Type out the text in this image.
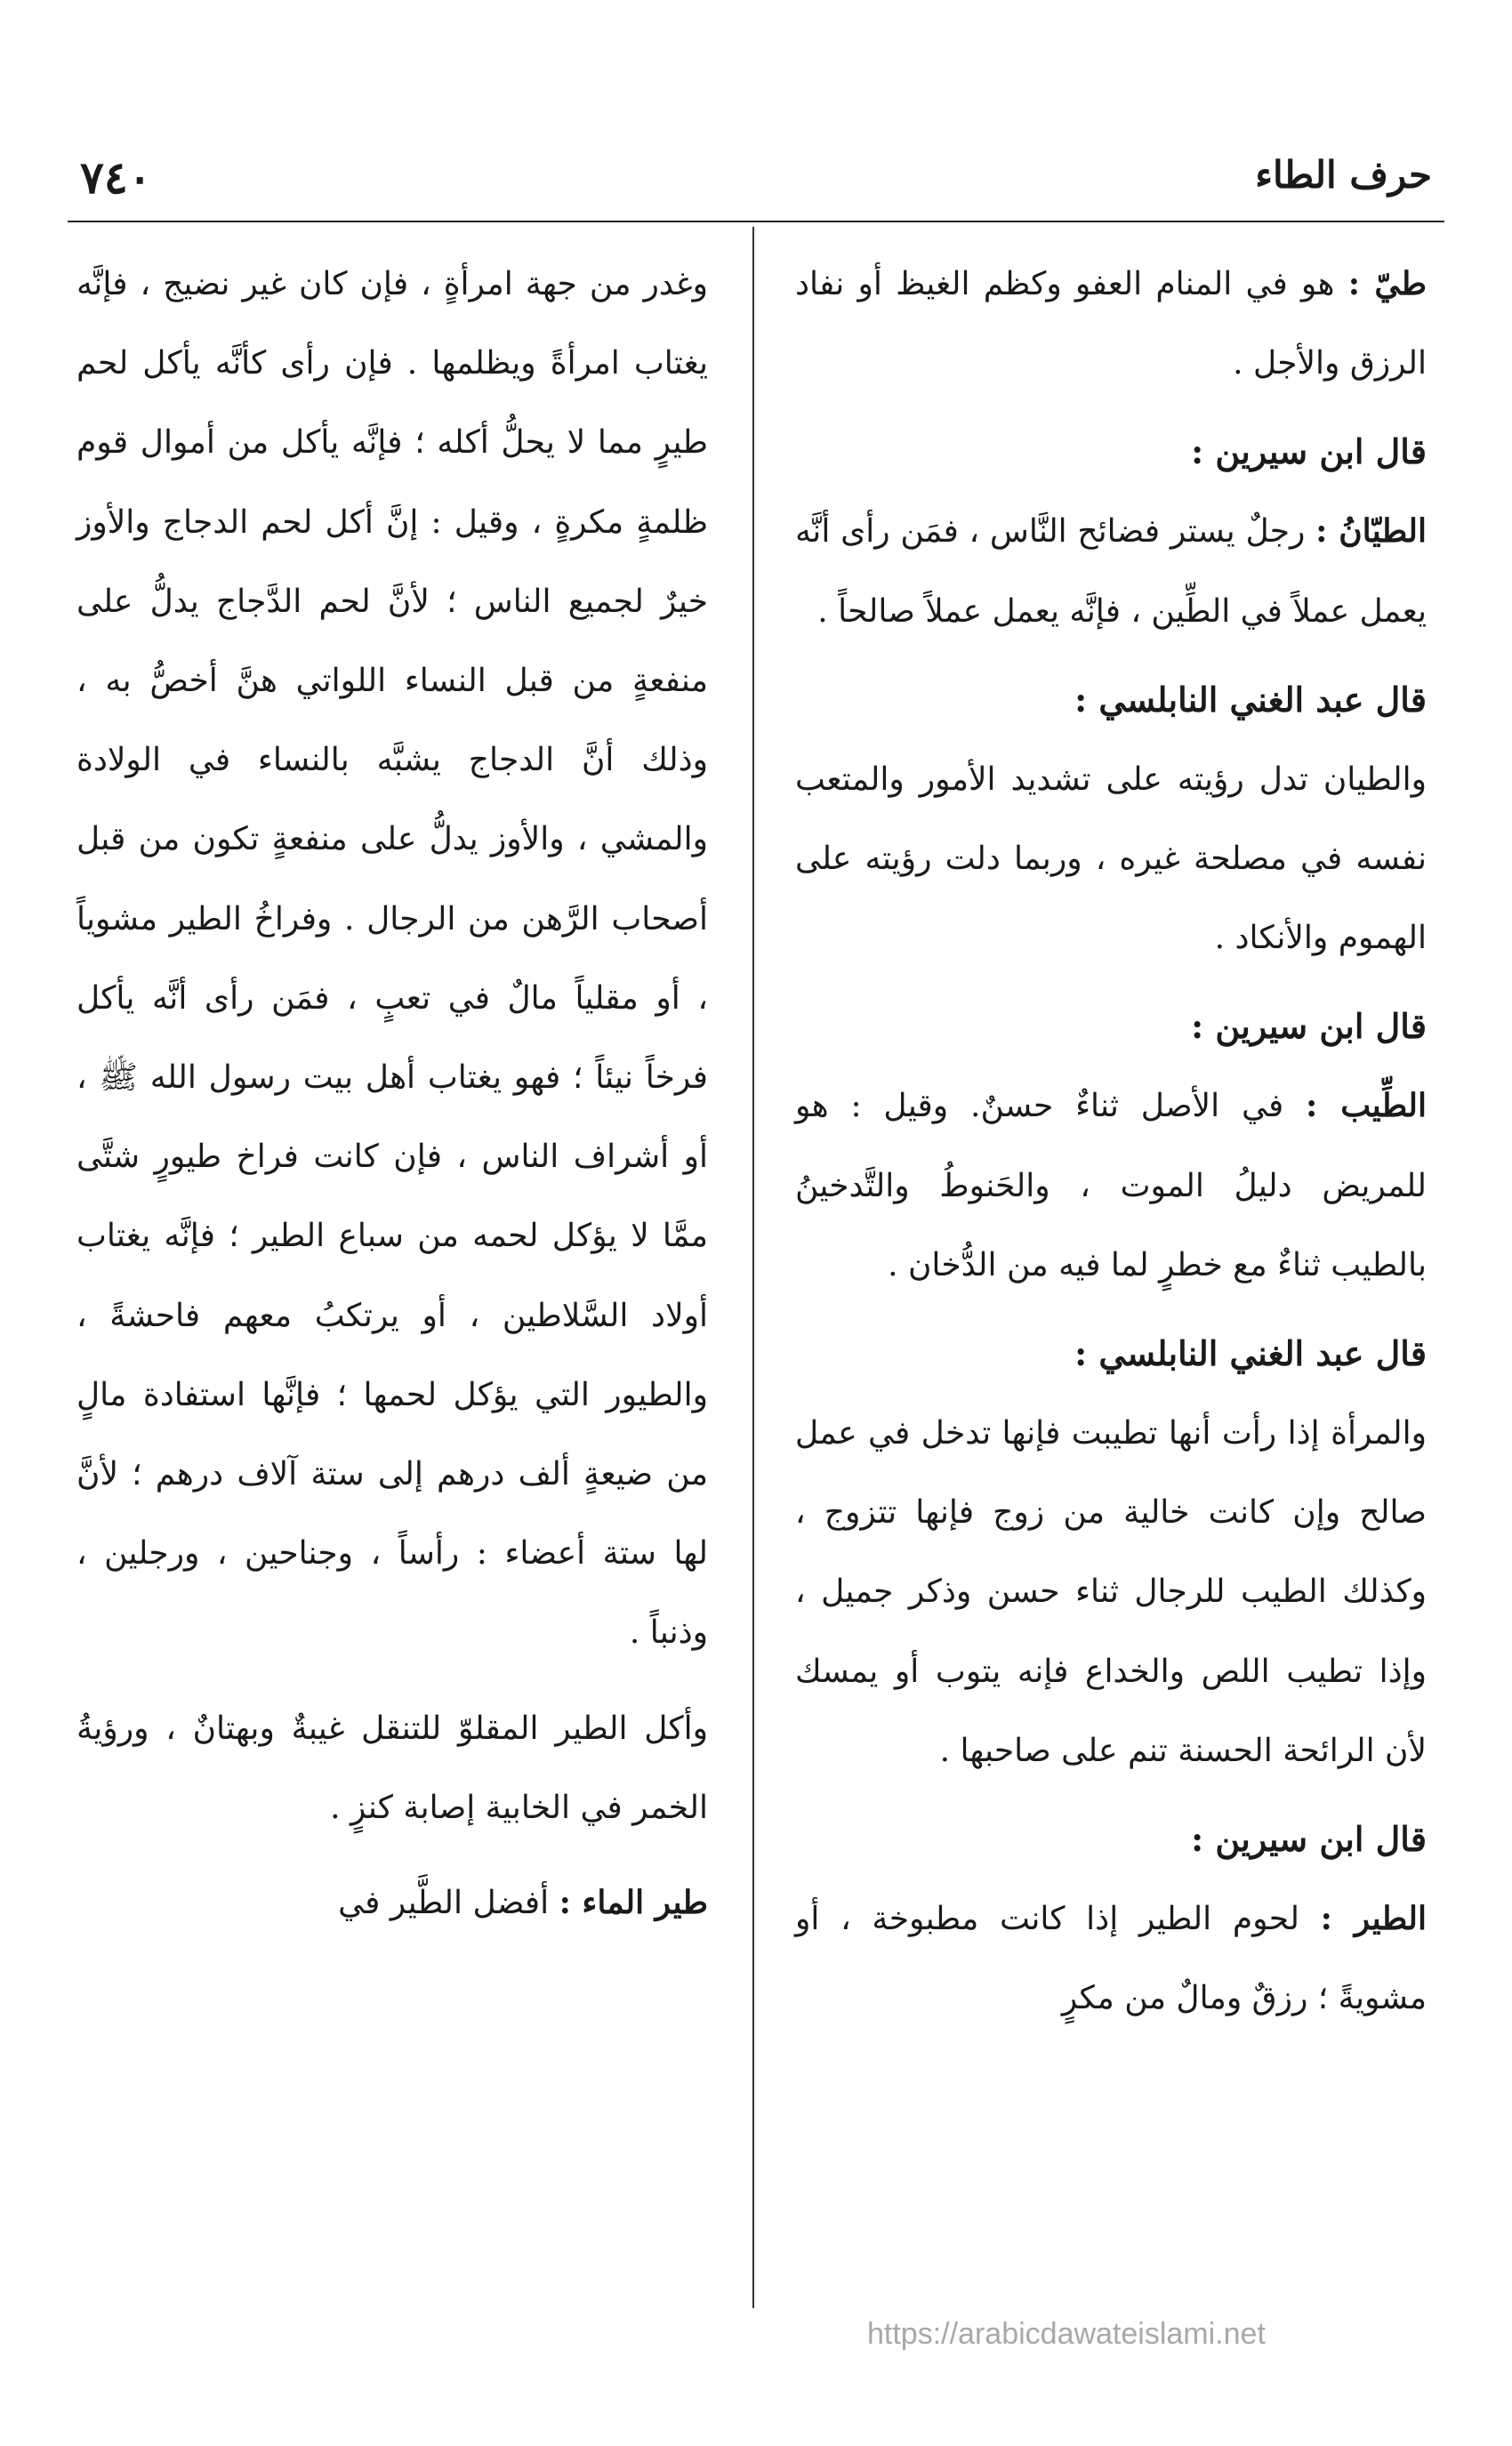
٧٤٠	حرف الطاء

طيّ : هو في المنام العفو وكظم الغيظ أو نفاد الرزق والأجل .

قال ابن سيرين :

الطيّانُ : رجلٌ يستر فضائح النَّاس ، فمَن رأى أنَّه يعمل عملاً في الطِّين ، فإنَّه يعمل عملاً صالحاً .

قال عبد الغني النابلسي :

والطيان تدل رؤيته على تشديد الأمور والمتعب نفسه في مصلحة غيره ، وربما دلت رؤيته على الهموم والأنكاد .

قال ابن سيرين :

الطِّيب : في الأصل ثناءٌ حسنٌ. وقيل : هو للمريض دليلُ الموت ، والحَنوطُ والتَّدخينُ بالطيب ثناءٌ مع خطرٍ لما فيه من الدُّخان .

قال عبد الغني النابلسي :

والمرأة إذا رأت أنها تطيبت فإنها تدخل في عمل صالح وإن كانت خالية من زوج فإنها تتزوج ، وكذلك الطيب للرجال ثناء حسن وذكر جميل ، وإذا تطيب اللص والخداع فإنه يتوب أو يمسك لأن الرائحة الحسنة تنم على صاحبها .

قال ابن سيرين :

الطير : لحوم الطير إذا كانت مطبوخة ، أو مشويةً ؛ رزقٌ ومالٌ من مكرٍ

وغدر من جهة امرأةٍ ، فإن كان غير نضيج ، فإنَّه يغتاب امرأةً ويظلمها . فإن رأى كأنَّه يأكل لحم طيرٍ مما لا يحلُّ أكله ؛ فإنَّه يأكل من أموال قوم ظلمةٍ مكرةٍ ، وقيل : إنَّ أكل لحم الدجاج والأوز خيرٌ لجميع الناس ؛ لأنَّ لحم الدَّجاج يدلُّ على منفعةٍ من قبل النساء اللواتي هنَّ أخصُّ به ، وذلك أنَّ الدجاج يشبَّه بالنساء في الولادة والمشي ، والأوز يدلُّ على منفعةٍ تكون من قبل أصحاب الرَّهن من الرجال . وفراخُ الطير مشوياً ، أو مقلياً مالٌ في تعبٍ ، فمَن رأى أنَّه يأكل فرخاً نيئاً ؛ فهو يغتاب أهل بيت رسول الله ﷺ ، أو أشراف الناس ، فإن كانت فراخ طيورٍ شتَّى ممَّا لا يؤكل لحمه من سباع الطير ؛ فإنَّه يغتاب أولاد السَّلاطين ، أو يرتكبُ معهم فاحشةً ، والطيور التي يؤكل لحمها ؛ فإنَّها استفادة مالٍ من ضيعةٍ ألف درهم إلى ستة آلاف درهم ؛ لأنَّ لها ستة أعضاء : رأساً ، وجناحين ، ورجلين ، وذنباً .

وأكل الطير المقلوّ للتنقل غيبةٌ وبهتانٌ ، ورؤيةُ الخمر في الخابية إصابة كنزٍ .

طير الماء : أفضل الطَّير في

https://arabicdawateislami.net
